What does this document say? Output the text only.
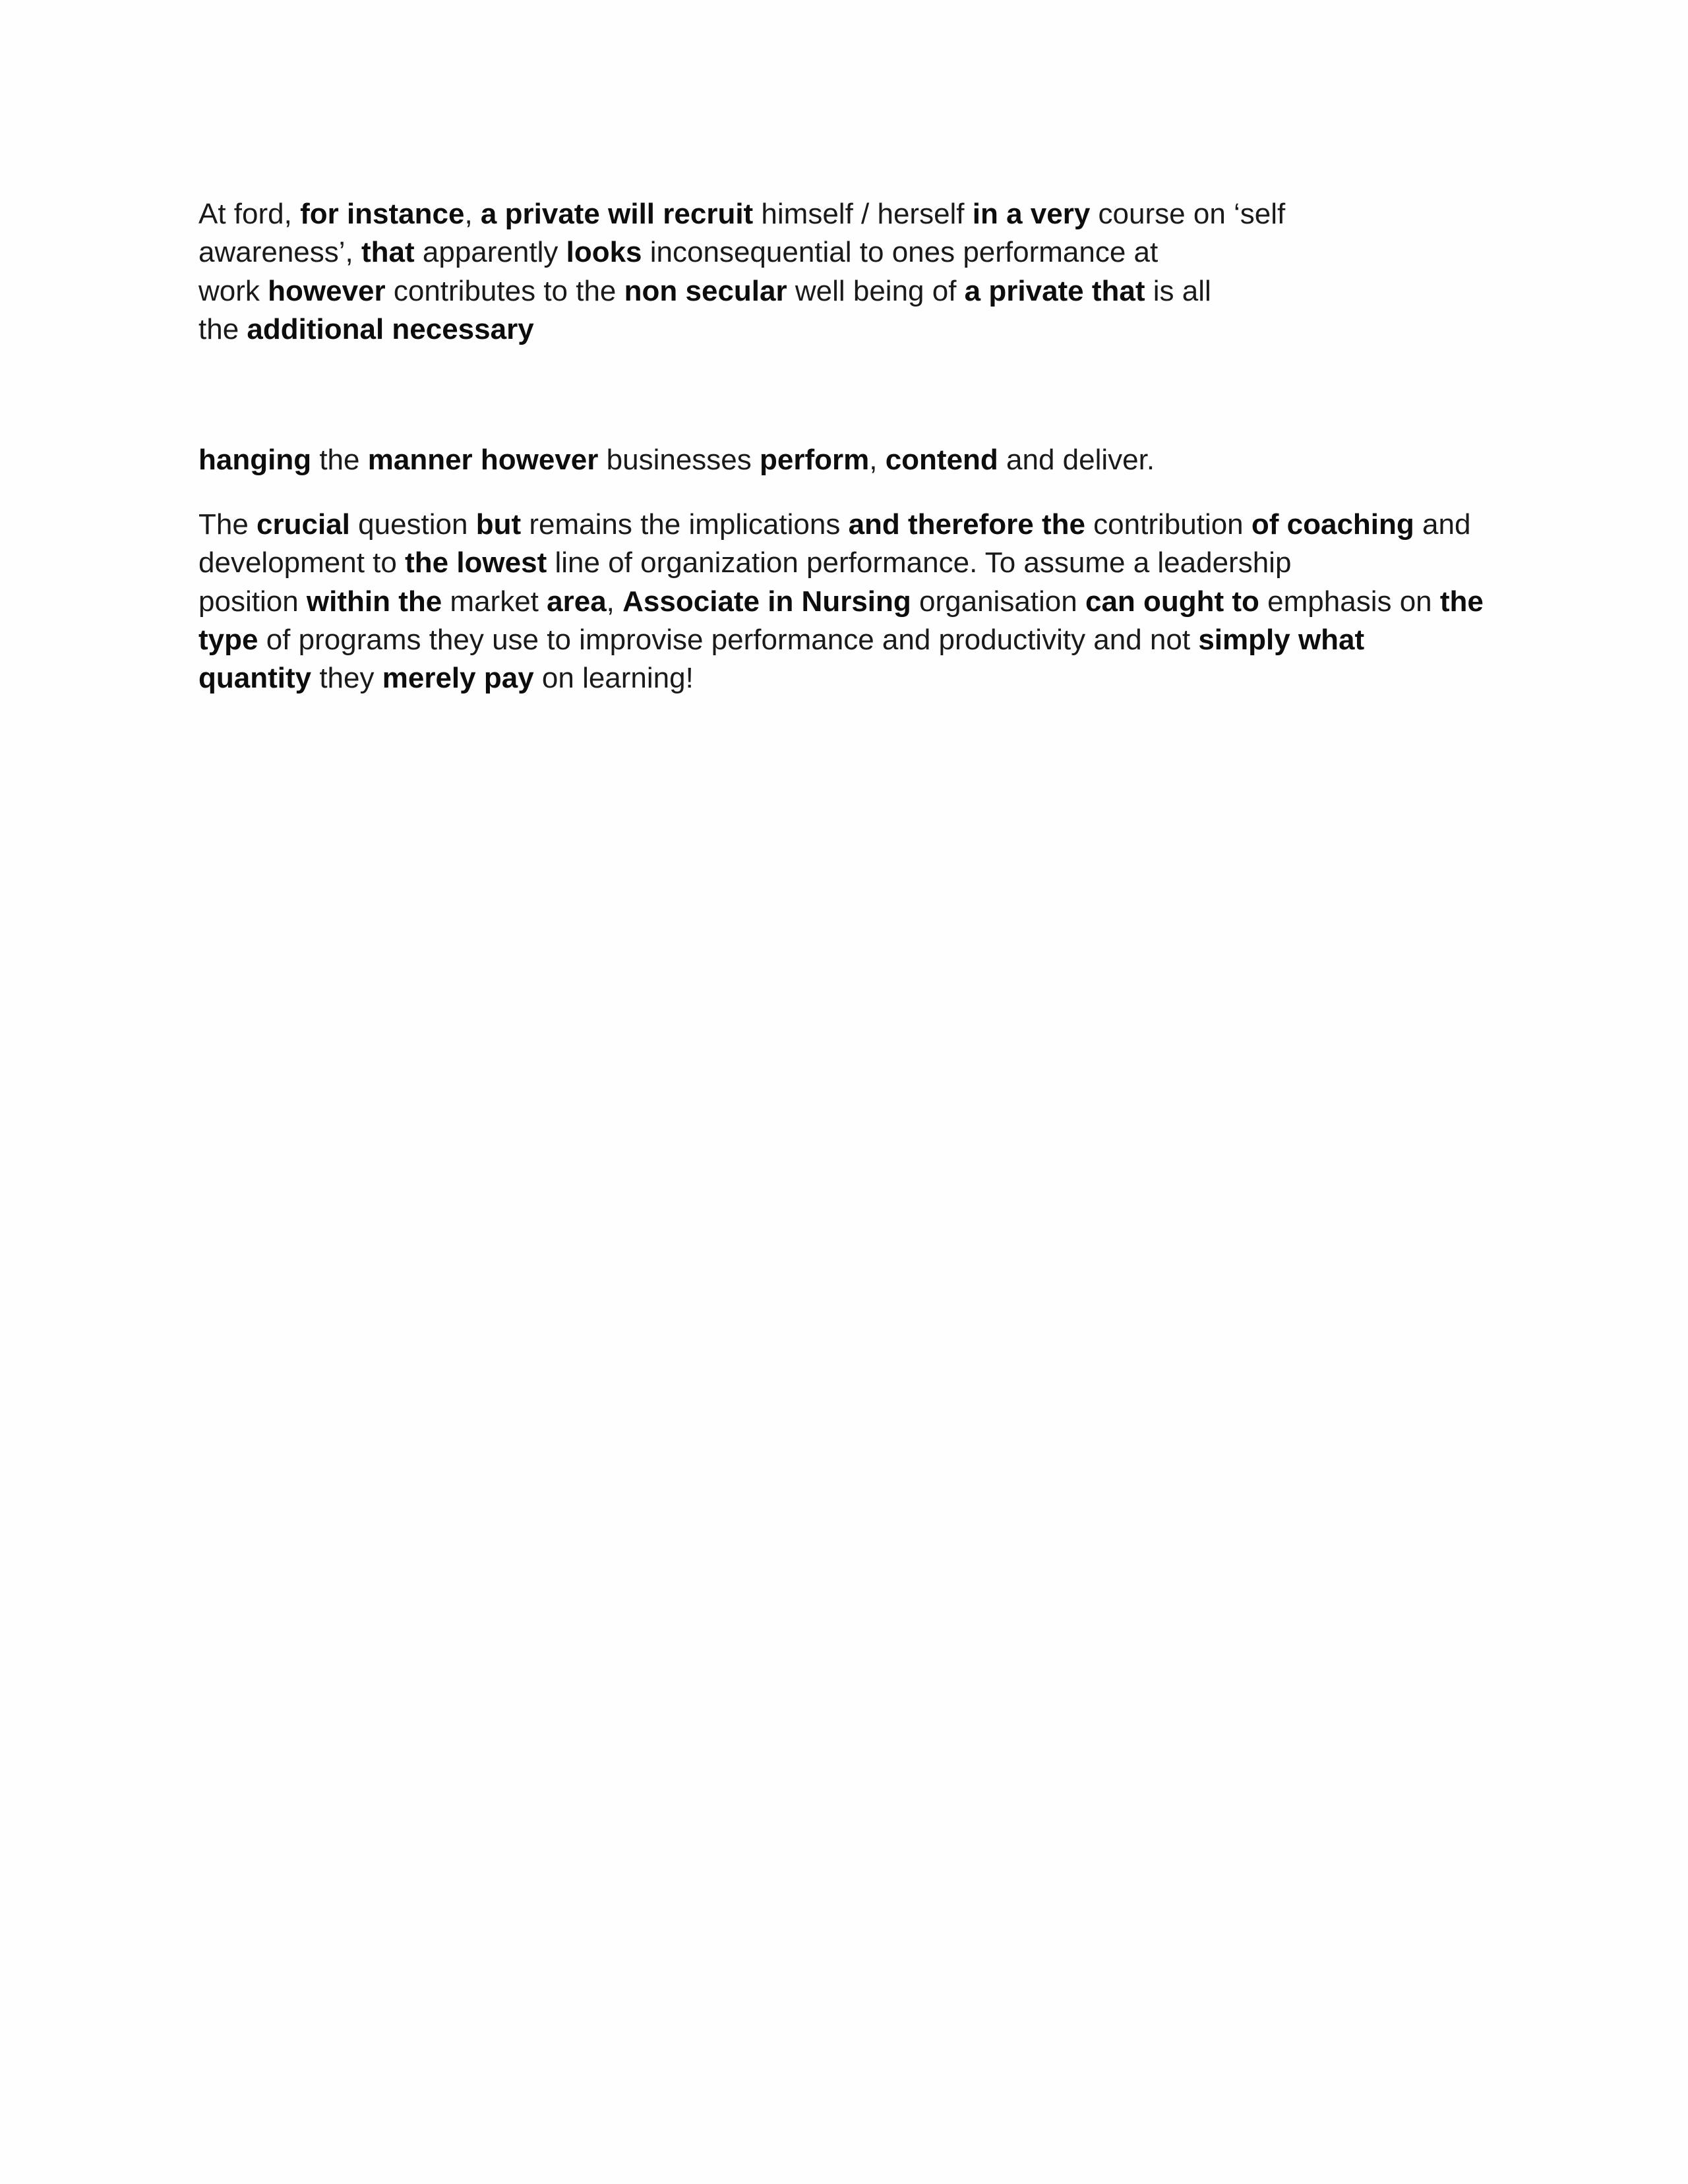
At ford, for instance, a private will recruit himself / herself in a very course on ‘self
awareness’, that apparently looks inconsequential to ones performance at
work however contributes to the non secular well being of a private that is all
the additional necessary

hanging the manner however businesses perform, contend and deliver.

The crucial question but remains the implications and therefore the contribution of coaching and
development to the lowest line of organization performance. To assume a leadership
position within the market area, Associate in Nursing organisation can ought to emphasis on the
type of programs they use to improvise performance and productivity and not simply what
quantity they merely pay on learning!
